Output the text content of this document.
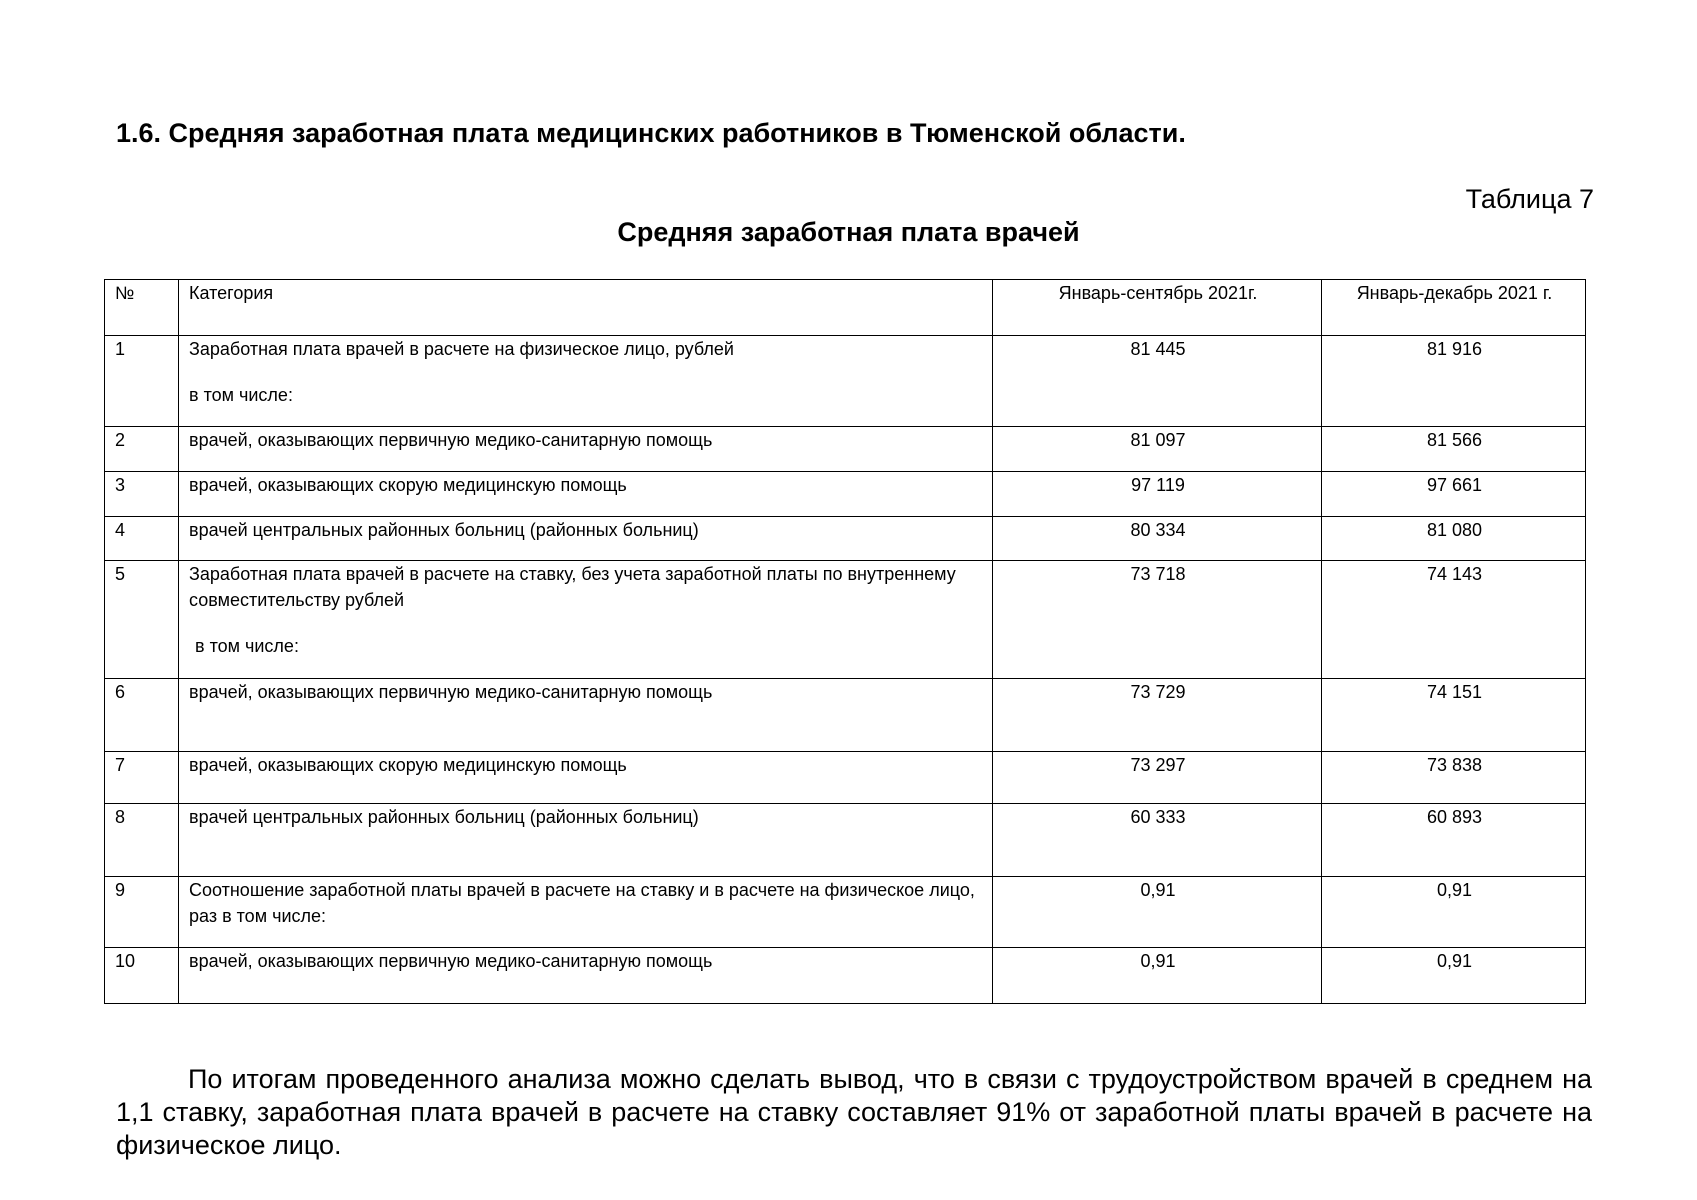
1.6. Средняя заработная плата медицинских работников в Тюменской области.
Таблица 7
Средняя заработная плата врачей
№	Категория	Январь-сентябрь 2021г.	Январь-декабрь 2021 г.
1	Заработная плата врачей в расчете на физическое лицо, рублей
в том числе:	81 445	81 916
2	врачей, оказывающих первичную медико-санитарную помощь	81 097	81 566
3	врачей, оказывающих скорую медицинскую помощь	97 119	97 661
4	врачей центральных районных больниц (районных больниц)	80 334	81 080
5	Заработная плата врачей в расчете на ставку, без учета заработной платы по внутреннему совместительству рублей
в том числе:	73 718	74 143
6	врачей, оказывающих первичную медико-санитарную помощь	73 729	74 151
7	врачей, оказывающих скорую медицинскую помощь	73 297	73 838
8	врачей центральных районных больниц (районных больниц)	60 333	60 893
9	Соотношение заработной платы врачей в расчете на ставку и в расчете на физическое лицо, раз в том числе:	0,91	0,91
10	врачей, оказывающих первичную медико-санитарную помощь	0,91	0,91

По итогам проведенного анализа можно сделать вывод, что в связи с трудоустройством врачей в среднем на 1,1 ставку, заработная плата врачей в расчете на ставку составляет 91% от заработной платы врачей в расчете на физическое лицо.
